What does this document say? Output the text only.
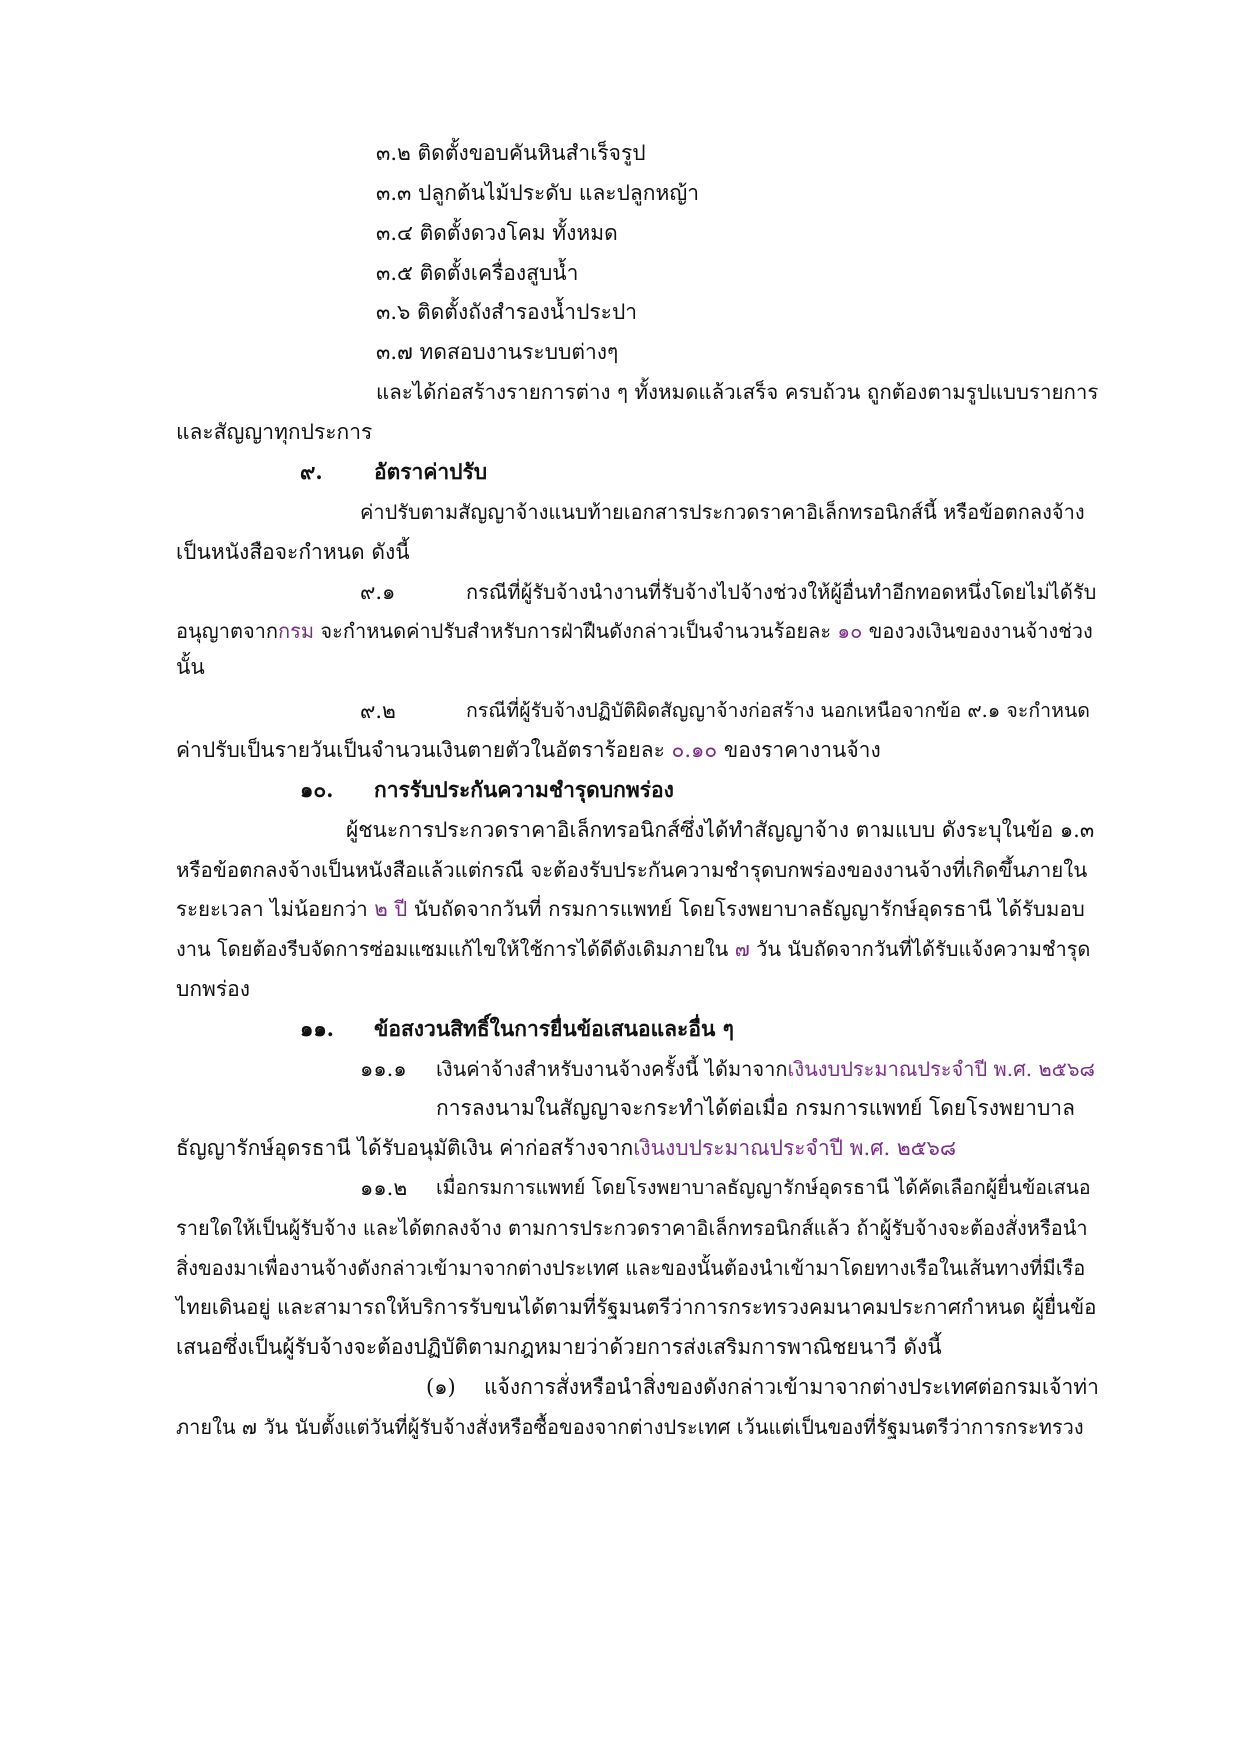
๓.๒ ติดตั้งขอบคันหินสำเร็จรูป
๓.๓ ปลูกต้นไม้ประดับ และปลูกหญ้า
๓.๔ ติดตั้งดวงโคม ทั้งหมด
๓.๕ ติดตั้งเครื่องสูบน้ำ
๓.๖ ติดตั้งถังสำรองน้ำประปา
๓.๗ ทดสอบงานระบบต่างๆ
และได้ก่อสร้างรายการต่าง ๆ ทั้งหมดแล้วเสร็จ ครบถ้วน ถูกต้องตามรูปแบบรายการ
และสัญญาทุกประการ
๙. อัตราค่าปรับ
ค่าปรับตามสัญญาจ้างแนบท้ายเอกสารประกวดราคาอิเล็กทรอนิกส์นี้ หรือข้อตกลงจ้าง
เป็นหนังสือจะกำหนด ดังนี้
๙.๑	กรณีที่ผู้รับจ้างนำงานที่รับจ้างไปจ้างช่วงให้ผู้อื่นทำอีกทอดหนึ่งโดยไม่ได้รับ
อนุญาตจากกรม จะกำหนดค่าปรับสำหรับการฝ่าฝืนดังกล่าวเป็นจำนวนร้อยละ ๑๐ ของวงเงินของงานจ้างช่วง
นั้น
๙.๒	กรณีที่ผู้รับจ้างปฏิบัติผิดสัญญาจ้างก่อสร้าง นอกเหนือจากข้อ ๙.๑ จะกำหนด
ค่าปรับเป็นรายวันเป็นจำนวนเงินตายตัวในอัตราร้อยละ ๐.๑๐ ของราคางานจ้าง
๑๐. การรับประกันความชำรุดบกพร่อง
ผู้ชนะการประกวดราคาอิเล็กทรอนิกส์ซึ่งได้ทำสัญญาจ้าง ตามแบบ ดังระบุในข้อ ๑.๓
หรือข้อตกลงจ้างเป็นหนังสือแล้วแต่กรณี จะต้องรับประกันความชำรุดบกพร่องของงานจ้างที่เกิดขึ้นภายใน
ระยะเวลา ไม่น้อยกว่า ๒ ปี นับถัดจากวันที่ กรมการแพทย์ โดยโรงพยาบาลธัญญารักษ์อุดรธานี ได้รับมอบ
งาน โดยต้องรีบจัดการซ่อมแซมแก้ไขให้ใช้การได้ดีดังเดิมภายใน ๗ วัน นับถัดจากวันที่ได้รับแจ้งความชำรุด
บกพร่อง
๑๑. ข้อสงวนสิทธิ์ในการยื่นข้อเสนอและอื่น ๆ
๑๑.๑ เงินค่าจ้างสำหรับงานจ้างครั้งนี้ ได้มาจากเงินงบประมาณประจำปี พ.ศ. ๒๕๖๘
การลงนามในสัญญาจะกระทำได้ต่อเมื่อ กรมการแพทย์ โดยโรงพยาบาล
ธัญญารักษ์อุดรธานี ได้รับอนุมัติเงิน ค่าก่อสร้างจากเงินงบประมาณประจำปี พ.ศ. ๒๕๖๘
๑๑.๒ เมื่อกรมการแพทย์ โดยโรงพยาบาลธัญญารักษ์อุดรธานี ได้คัดเลือกผู้ยื่นข้อเสนอ
รายใดให้เป็นผู้รับจ้าง และได้ตกลงจ้าง ตามการประกวดราคาอิเล็กทรอนิกส์แล้ว ถ้าผู้รับจ้างจะต้องสั่งหรือนำ
สิ่งของมาเพื่องานจ้างดังกล่าวเข้ามาจากต่างประเทศ และของนั้นต้องนำเข้ามาโดยทางเรือในเส้นทางที่มีเรือ
ไทยเดินอยู่ และสามารถให้บริการรับขนได้ตามที่รัฐมนตรีว่าการกระทรวงคมนาคมประกาศกำหนด ผู้ยื่นข้อ
เสนอซึ่งเป็นผู้รับจ้างจะต้องปฏิบัติตามกฎหมายว่าด้วยการส่งเสริมการพาณิชยนาวี ดังนี้
(๑) แจ้งการสั่งหรือนำสิ่งของดังกล่าวเข้ามาจากต่างประเทศต่อกรมเจ้าท่า
ภายใน ๗ วัน นับตั้งแต่วันที่ผู้รับจ้างสั่งหรือซื้อของจากต่างประเทศ เว้นแต่เป็นของที่รัฐมนตรีว่าการกระทรวง
